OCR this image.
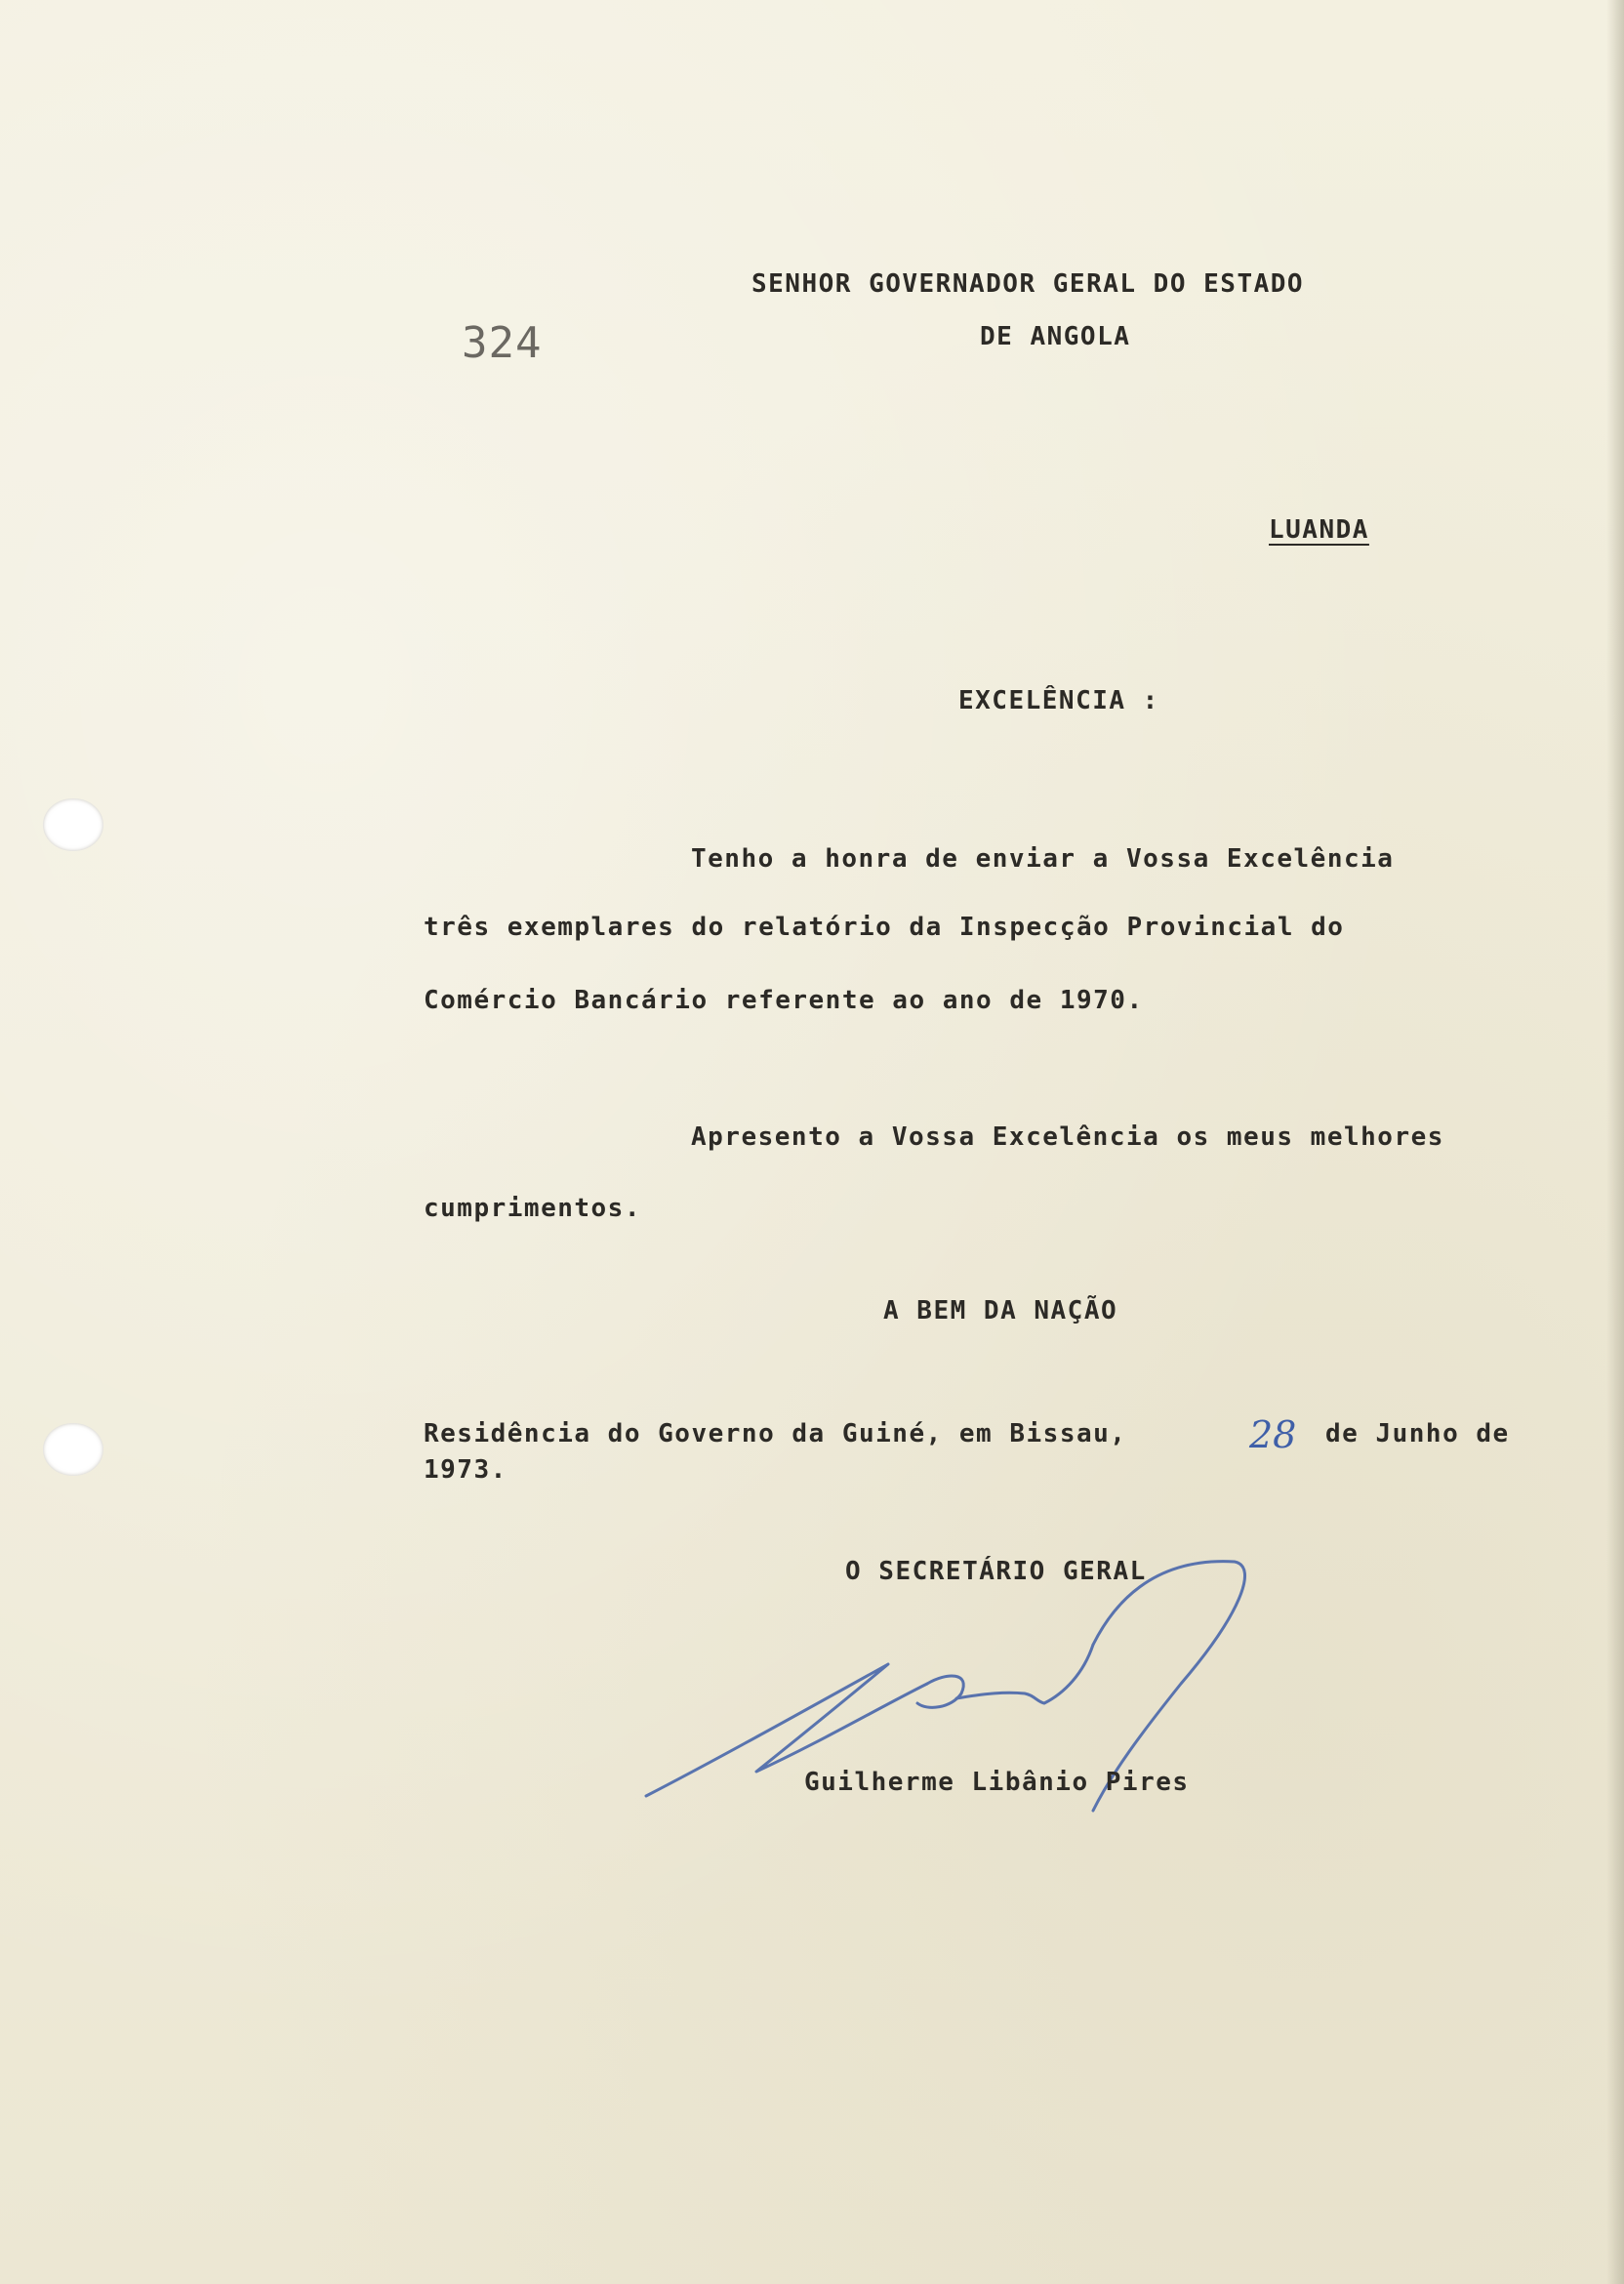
324
SENHOR GOVERNADOR GERAL DO ESTADO
DE ANGOLA
LUANDA
EXCELÊNCIA :
Tenho a honra de enviar a Vossa Excelência
três exemplares do relatório da Inspecção Provincial do
Comércio Bancário referente ao ano de 1970.
Apresento a Vossa Excelência os meus melhores
cumprimentos.
A BEM DA NAÇÃO
Residência do Governo da Guiné, em Bissau,	28 de Junho de
1973.
O SECRETÁRIO GERAL
Guilherme Libânio Pires
